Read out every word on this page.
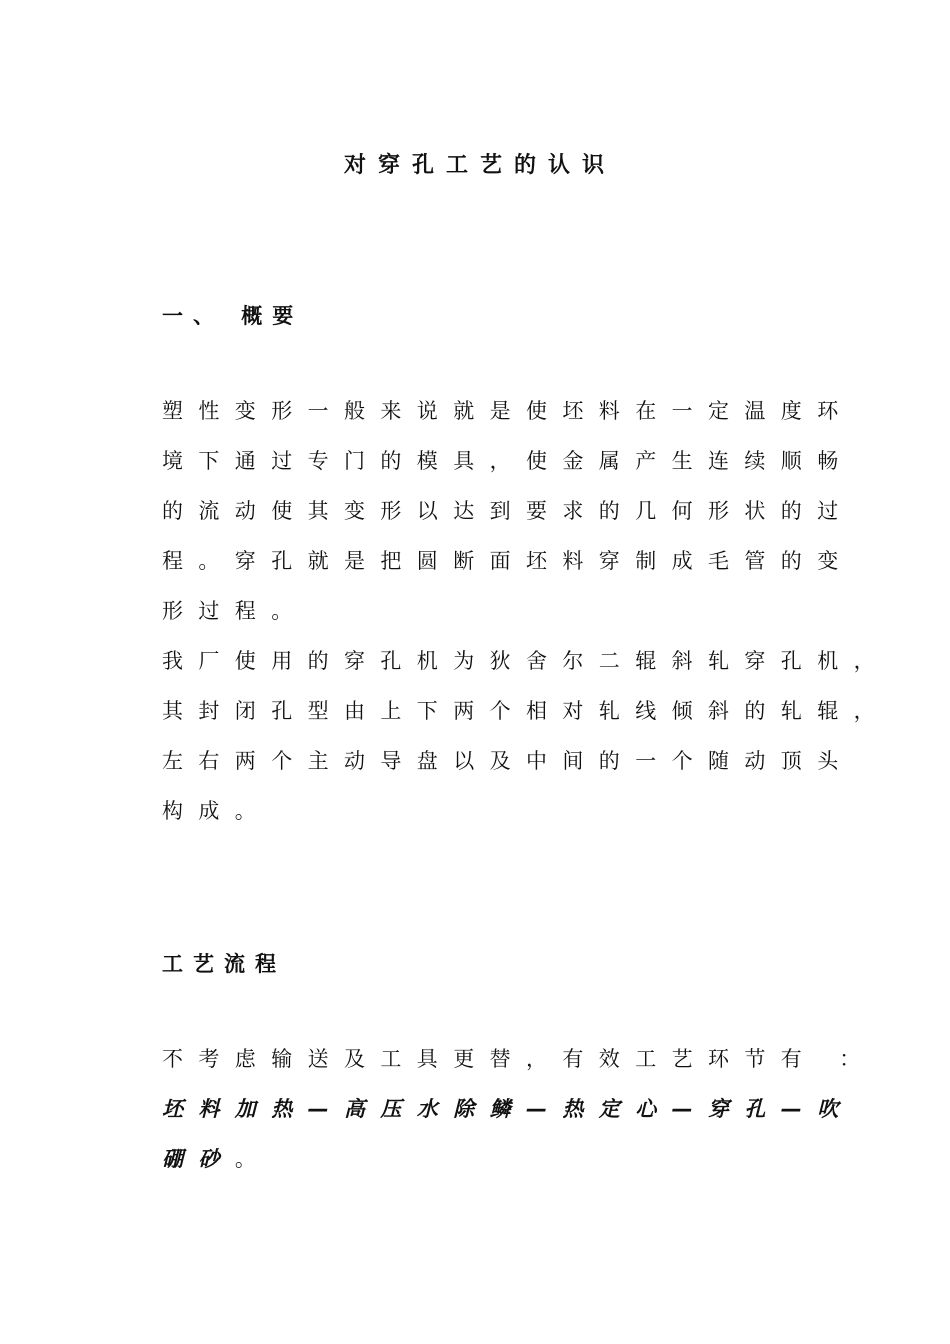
对穿孔工艺的认识
一、 概要
塑性变形一般来说就是使坯料在一定温度环
境下通过专门的模具，使金属产生连续顺畅
的流动使其变形以达到要求的几何形状的过
程。穿孔就是把圆断面坯料穿制成毛管的变
形过程。
我厂使用的穿孔机为狄舍尔二辊斜轧穿孔机，
其封闭孔型由上下两个相对轧线倾斜的轧辊，
左右两个主动导盘以及中间的一个随动顶头
构成。
工艺流程
不考虑输送及工具更替，有效工艺环节有 ：
坯料加热—高压水除鳞—热定心—穿孔—吹
硼砂。
